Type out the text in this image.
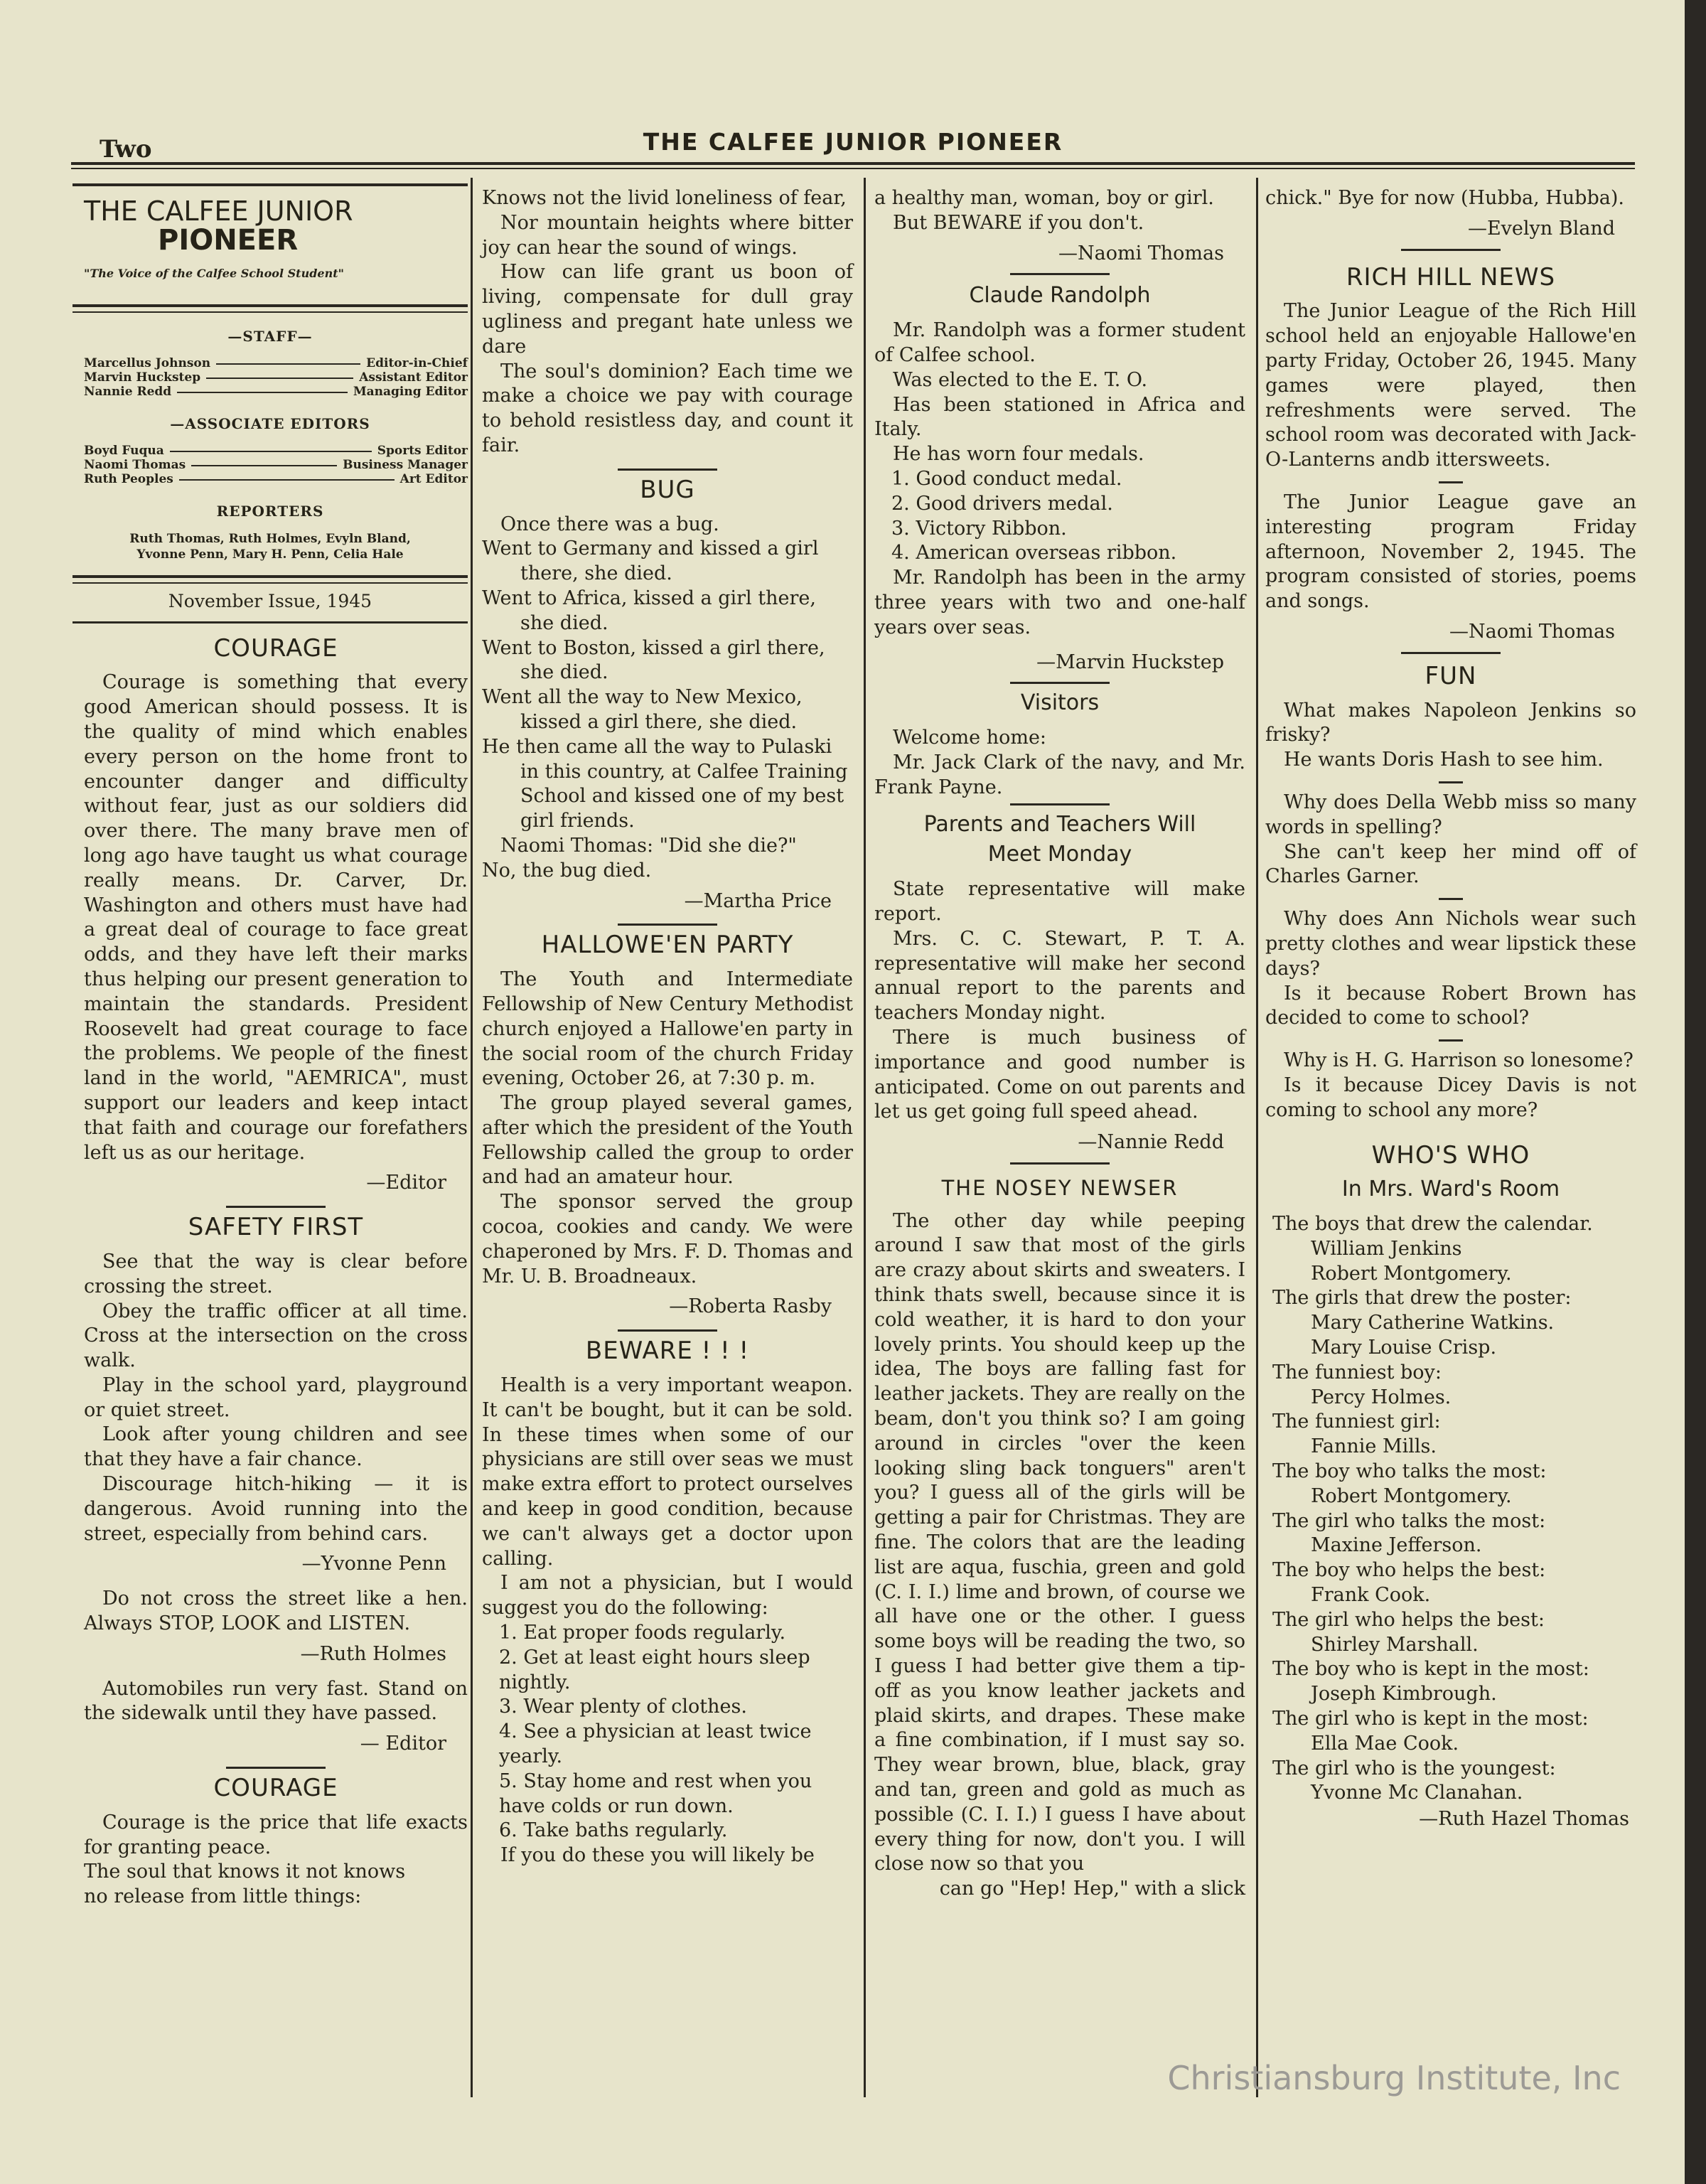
Two	THE CALFEE JUNIOR PIONEER
THE CALFEE JUNIOR
PIONEER
"The Voice of the Calfee School Student"
—STAFF—
Marcellus Johnson	Editor-in-Chief
Marvin Huckstep	Assistant Editor
Nannie Redd	Managing Editor
—ASSOCIATE EDITORS
Boyd Fuqua	Sports Editor
Naomi Thomas	Business Manager
Ruth Peoples	Art Editor
REPORTERS
Ruth Thomas, Ruth Holmes, Evyln Bland,
Yvonne Penn, Mary H. Penn, Celia Hale
November Issue, 1945
COURAGE

Courage is something that every good American should possess. It is the quality of mind which enables every person on the home front to encounter danger and difficulty without fear, just as our soldiers did over there. The many brave men of long ago have taught us what courage really means. Dr. Carver, Dr. Washington and others must have had a great deal of courage to face great odds, and they have left their marks thus helping our present generation to maintain the standards. President Roosevelt had great courage to face the problems. We people of the finest land in the world, "AEMRICA", must support our leaders and keep intact that faith and courage our forefathers left us as our heritage.

—Editor
SAFETY FIRST

See that the way is clear before crossing the street.

Obey the traffic officer at all time. Cross at the intersection on the cross walk.

Play in the school yard, playground or quiet street.

Look after young children and see that they have a fair chance.

Discourage hitch-hiking — it is dangerous. Avoid running into the street, especially from behind cars.

—Yvonne Penn

Do not cross the street like a hen. Always STOP, LOOK and LISTEN.

—Ruth Holmes

Automobiles run very fast. Stand on the sidewalk until they have passed.

— Editor
COURAGE

Courage is the price that life exacts for granting peace.

The soul that knows it not knows

no release from little things:

Knows not the livid loneliness of fear,

Nor mountain heights where bitter joy can hear the sound of wings.

How can life grant us boon of living, compensate for dull gray ugliness and pregant hate unless we dare

The soul's dominion? Each time we make a choice we pay with courage to behold resistless day, and count it fair.

BUG

Once there was a bug.

Went to Germany and kissed a girl there, she died.

Went to Africa, kissed a girl there, she died.

Went to Boston, kissed a girl there, she died.

Went all the way to New Mexico, kissed a girl there, she died.

He then came all the way to Pulaski in this country, at Calfee Training School and kissed one of my best girl friends.

Naomi Thomas: "Did she die?"

No, the bug died.

—Martha Price
HALLOWE'EN PARTY

The Youth and Intermediate Fellowship of New Century Methodist church enjoyed a Hallowe'en party in the social room of the church Friday evening, October 26, at 7:30 p. m.

The group played several games, after which the president of the Youth Fellowship called the group to order and had an amateur hour.

The sponsor served the group cocoa, cookies and candy. We were chaperoned by Mrs. F. D. Thomas and Mr. U. B. Broadneaux.

—Roberta Rasby
BEWARE ! ! !

Health is a very important weapon. It can't be bought, but it can be sold. In these times when some of our physicians are still over seas we must make extra effort to protect ourselves and keep in good condition, because we can't always get a doctor upon calling.

I am not a physician, but I would suggest you do the following:

1. Eat proper foods regularly.
2. Get at least eight hours sleep nightly.
3. Wear plenty of clothes.
4. See a physician at least twice yearly.
5. Stay home and rest when you have colds or run down.
6. Take baths regularly.

If you do these you will likely be

a healthy man, woman, boy or girl.

But BEWARE if you don't.

—Naomi Thomas
Claude Randolph

Mr. Randolph was a former student of Calfee school.

Was elected to the E. T. O.

Has been stationed in Africa and Italy.

He has worn four medals.

1. Good conduct medal.
2. Good drivers medal.
3. Victory Ribbon.
4. American overseas ribbon.

Mr. Randolph has been in the army three years with two and one-half years over seas.

—Marvin Huckstep
Visitors

Welcome home:

Mr. Jack Clark of the navy, and Mr. Frank Payne.

Parents and Teachers Will
Meet Monday

State representative will make report.

Mrs. C. C. Stewart, P. T. A. representative will make her second annual report to the parents and teachers Monday night.

There is much business of importance and good number is anticipated. Come on out parents and let us get going full speed ahead.

—Nannie Redd
THE NOSEY NEWSER

The other day while peeping around I saw that most of the girls are crazy about skirts and sweaters. I think thats swell, because since it is cold weather, it is hard to don your lovely prints. You should keep up the idea, The boys are falling fast for leather jackets. They are really on the beam, don't you think so? I am going around in circles "over the keen looking sling back tonguers" aren't you? I guess all of the girls will be getting a pair for Christmas. They are fine. The colors that are the leading list are aqua, fuschia, green and gold (C. I. I.) lime and brown, of course we all have one or the other. I guess some boys will be reading the two, so I guess I had better give them a tip-off as you know leather jackets and plaid skirts, and drapes. These make a fine combination, if I must say so. They wear brown, blue, black, gray and tan, green and gold as much as possible (C. I. I.) I guess I have about every thing for now, don't you. I will close now so that you

can go "Hep! Hep," with a slick

chick." Bye for now (Hubba, Hubba).

—Evelyn Bland
RICH HILL NEWS

The Junior League of the Rich Hill school held an enjoyable Hallowe'en party Friday, October 26, 1945. Many games were played, then refreshments were served. The school room was decorated with Jack-O-Lanterns andb ittersweets.

The Junior League gave an interesting program Friday afternoon, November 2, 1945. The program consisted of stories, poems and songs.

—Naomi Thomas
FUN

What makes Napoleon Jenkins so frisky?

He wants Doris Hash to see him.

Why does Della Webb miss so many words in spelling?

She can't keep her mind off of Charles Garner.

Why does Ann Nichols wear such pretty clothes and wear lipstick these days?

Is it because Robert Brown has decided to come to school?

Why is H. G. Harrison so lonesome?

Is it because Dicey Davis is not coming to school any more?

WHO'S WHO
In Mrs. Ward's Room
The boys that drew the calendar.
William Jenkins
Robert Montgomery.
The girls that drew the poster:
Mary Catherine Watkins.
Mary Louise Crisp.
The funniest boy:
Percy Holmes.
The funniest girl:
Fannie Mills.
The boy who talks the most:
Robert Montgomery.
The girl who talks the most:
Maxine Jefferson.
The boy who helps the best:
Frank Cook.
The girl who helps the best:
Shirley Marshall.
The boy who is kept in the most:
Joseph Kimbrough.
The girl who is kept in the most:
Ella Mae Cook.
The girl who is the youngest:
Yvonne Mc Clanahan.
—Ruth Hazel Thomas
Christiansburg Institute, Inc
